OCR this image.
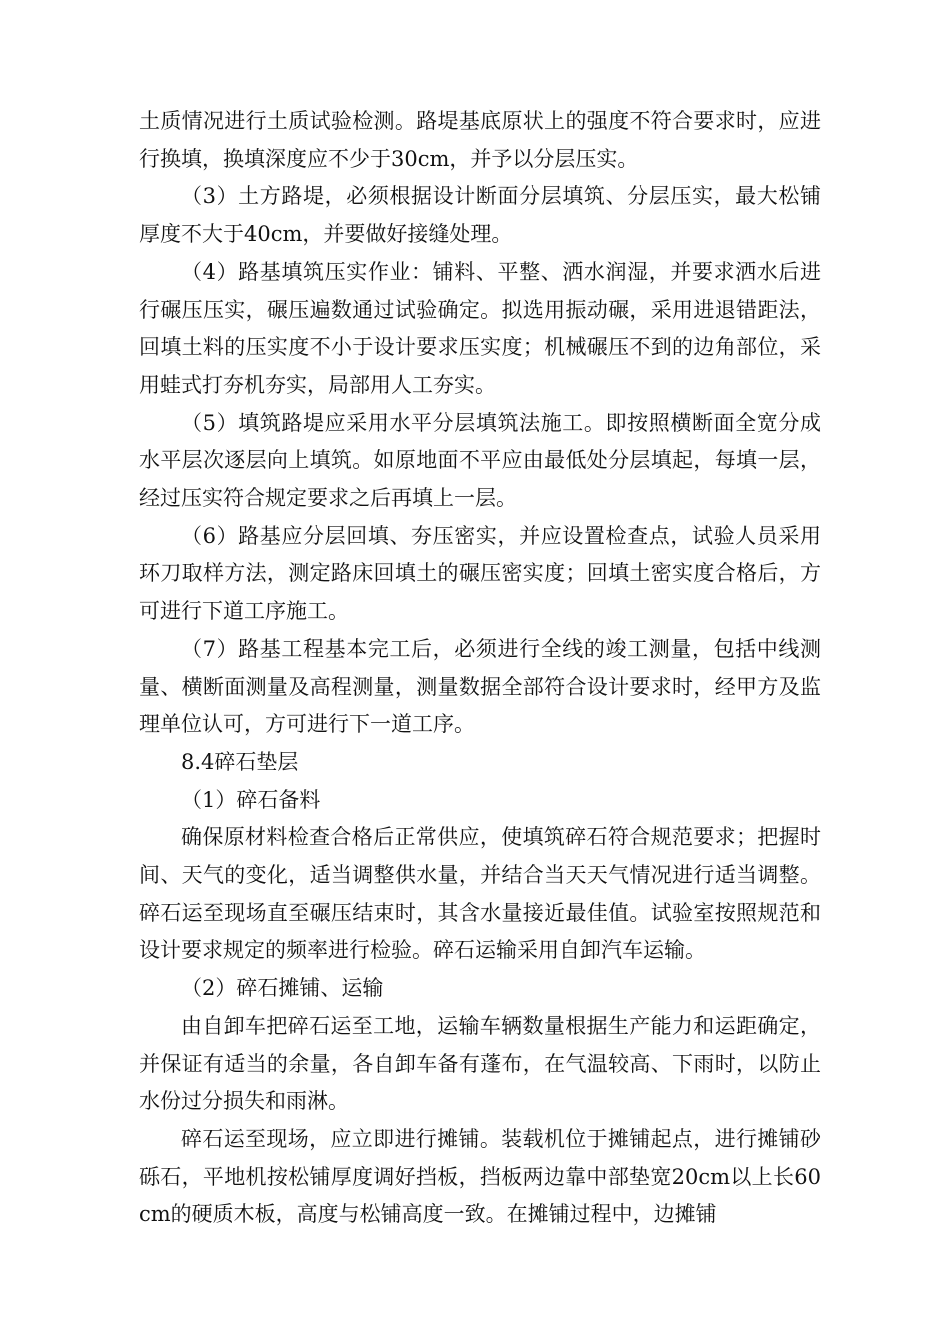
土质情况进行土质试验检测。路堤基底原状上的强度不符合要求时，应进行换填，换填深度应不少于30cm，并予以分层压实。

（3）土方路堤，必须根据设计断面分层填筑、分层压实，最大松铺厚度不大于40cm，并要做好接缝处理。

（4）路基填筑压实作业：铺料、平整、洒水润湿，并要求洒水后进行碾压压实，碾压遍数通过试验确定。拟选用振动碾，采用进退错距法，回填土料的压实度不小于设计要求压实度；机械碾压不到的边角部位，采用蛙式打夯机夯实，局部用人工夯实。

（5）填筑路堤应采用水平分层填筑法施工。即按照横断面全宽分成水平层次逐层向上填筑。如原地面不平应由最低处分层填起，每填一层，经过压实符合规定要求之后再填上一层。

（6）路基应分层回填、夯压密实，并应设置检查点，试验人员采用环刀取样方法，测定路床回填土的碾压密实度；回填土密实度合格后，方可进行下道工序施工。

（7）路基工程基本完工后，必须进行全线的竣工测量，包括中线测量、横断面测量及高程测量，测量数据全部符合设计要求时，经甲方及监理单位认可，方可进行下一道工序。

8.4碎石垫层

（1）碎石备料

确保原材料检查合格后正常供应，使填筑碎石符合规范要求；把握时间、天气的变化，适当调整供水量，并结合当天天气情况进行适当调整。碎石运至现场直至碾压结束时，其含水量接近最佳值。试验室按照规范和设计要求规定的频率进行检验。碎石运输采用自卸汽车运输。

（2）碎石摊铺、运输

由自卸车把碎石运至工地，运输车辆数量根据生产能力和运距确定，并保证有适当的余量，各自卸车备有蓬布，在气温较高、下雨时，以防止水份过分损失和雨淋。

碎石运至现场，应立即进行摊铺。装载机位于摊铺起点，进行摊铺砂砾石，平地机按松铺厚度调好挡板，挡板两边靠中部垫宽20cm以上长60cm的硬质木板，高度与松铺高度一致。在摊铺过程中，边摊铺
